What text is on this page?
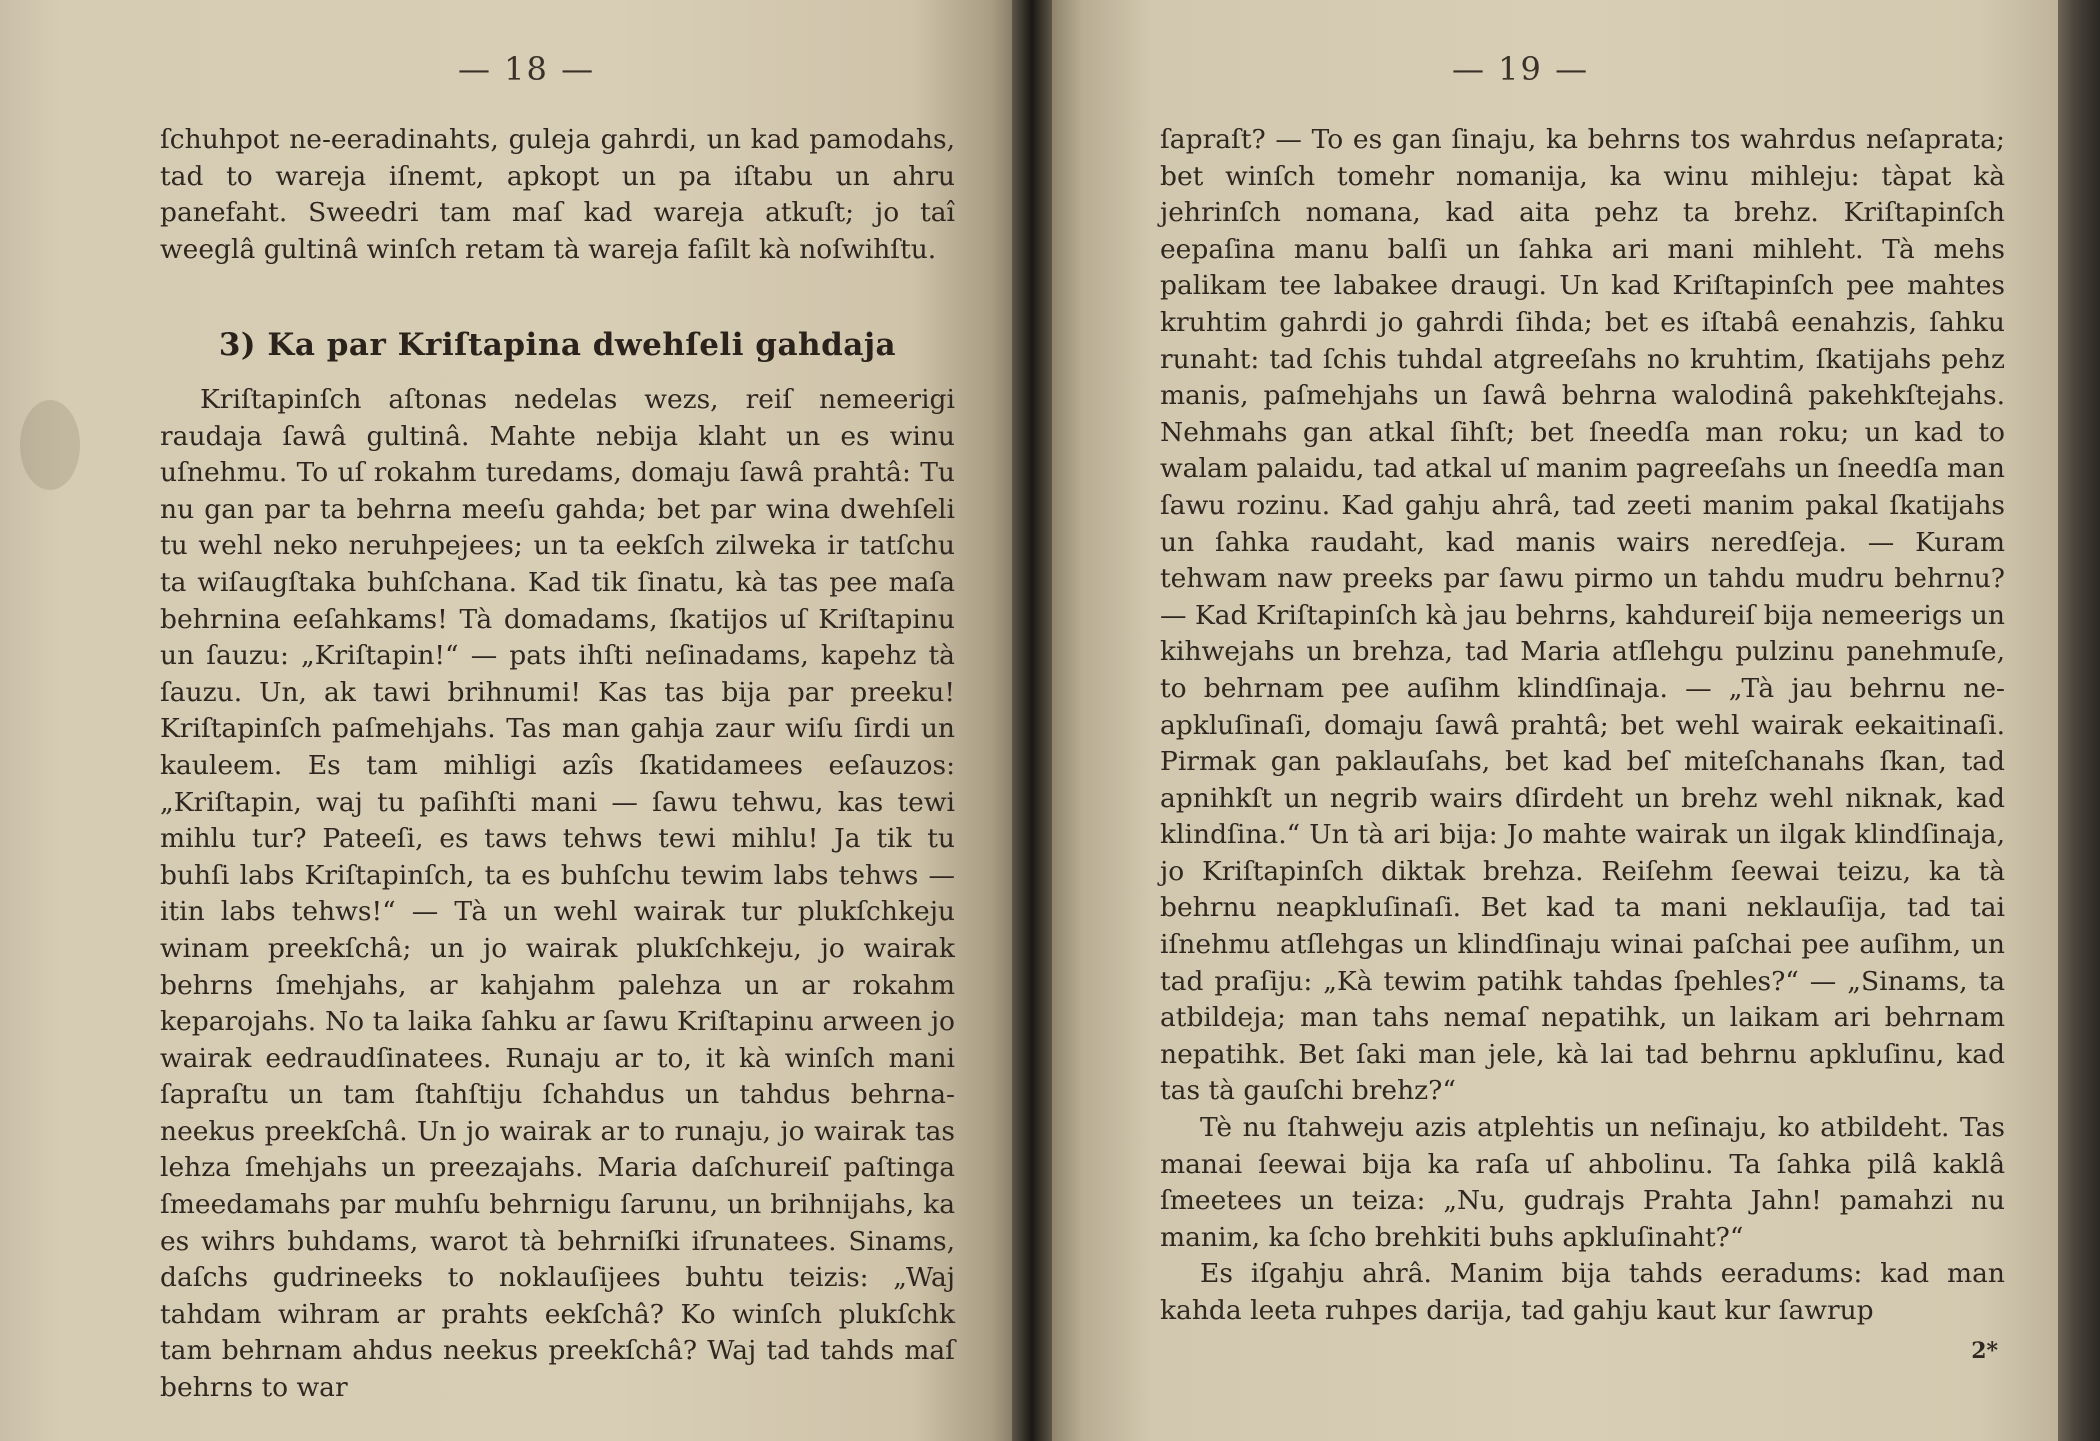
— 18 —

ſchuhpot ne-eeradinahts, guleja gahrdi, un kad pamodahs, tad to wareja iſnemt, apkopt un pa iſtabu un ahru panefaht. Sweedri tam maſ kad wareja atkuſt; jo taî weeglâ gultinâ winſch retam tà wareja faſilt kà noſwihſtu.

3) Ka par Kriſtapina dwehſeli gahdaja

Kriſtapinſch aſtonas nedelas wezs, reiſ nemeerigi raudaja ſawâ gultinâ. Mahte nebija klaht un es winu uſnehmu. To uſ rokahm turedams, domaju ſawâ prahtâ: Tu nu gan par ta behrna meeſu gahda; bet par wina dwehſeli tu wehl neko neruhpejees; un ta eekſch zilweka ir tatſchu ta wiſaugſtaka buhſchana. Kad tik ſinatu, kà tas pee maſa behrnina eeſahkams! Tà domadams, ſkatijos uſ Kriſtapinu un ſauzu: „Kriſtapin!“ — pats ihſti neſinadams, kapehz tà ſauzu. Un, ak tawi brihnumi! Kas tas bija par preeku! Kriſtapinſch paſmehjahs. Tas man gahja zaur wiſu ſirdi un kauleem. Es tam mihligi azîs ſkatidamees eeſauzos: „Kriſtapin, waj tu paſihſti mani — ſawu tehwu, kas tewi mihlu tur? Pateeſi, es taws tehws tewi mihlu! Ja tik tu buhſi labs Kriſtapinſch, ta es buhſchu tewim labs tehws — itin labs tehws!“ — Tà un wehl wairak tur plukſchkeju winam preekſchâ; un jo wairak plukſchkeju, jo wairak behrns ſmehjahs, ar kahjahm palehza un ar rokahm keparojahs. No ta laika ſahku ar ſawu Kriſtapinu arween jo wairak eedraudſinatees. Runaju ar to, it kà winſch mani ſapraſtu un tam ſtahſtiju ſchahdus un tahdus behrna-neekus preekſchâ. Un jo wairak ar to runaju, jo wairak tas lehza ſmehjahs un preezajahs. Maria daſchureiſ paſtinga ſmeedamahs par muhſu behrnigu ſarunu, un brihnijahs, ka es wihrs buhdams, warot tà behrniſki iſrunatees. Sinams, daſchs gudrineeks to noklauſijees buhtu teizis: „Waj tahdam wihram ar prahts eekſchâ? Ko winſch plukſchk tam behrnam ahdus neekus preekſchâ? Waj tad tahds maſ behrns to war

— 19 —

ſapraſt? — To es gan ſinaju, ka behrns tos wahrdus neſaprata; bet winſch tomehr nomanija, ka winu mihleju: tàpat kà jehrinſch nomana, kad aita pehz ta brehz. Kriſtapinſch eepaſina manu balſi un ſahka ari mani mihleht. Tà mehs palikam tee labakee draugi. Un kad Kriſtapinſch pee mahtes kruhtim gahrdi jo gahrdi ſihda; bet es iſtabâ eenahzis, ſahku runaht: tad ſchis tuhdal atgreeſahs no kruhtim, ſkatijahs pehz manis, paſmehjahs un ſawâ behrna walodinâ pakehkſtejahs. Nehmahs gan atkal ſihſt; bet ſneedſa man roku; un kad to walam palaidu, tad atkal uſ manim pagreeſahs un ſneedſa man ſawu rozinu. Kad gahju ahrâ, tad zeeti manim pakal ſkatijahs un ſahka raudaht, kad manis wairs neredſeja. — Kuram tehwam naw preeks par ſawu pirmo un tahdu mudru behrnu? — Kad Kriſtapinſch kà jau behrns, kahdureiſ bija nemeerigs un kihwejahs un brehza, tad Maria atſlehgu pulzinu panehmuſe, to behrnam pee auſihm klindſinaja. — „Tà jau behrnu ne-apkluſinaſi, domaju ſawâ prahtâ; bet wehl wairak eekaitinaſi. Pirmak gan paklauſahs, bet kad beſ miteſchanahs ſkan, tad apnihkſt un negrib wairs dſirdeht un brehz wehl niknak, kad klindſina.“ Un tà ari bija: Jo mahte wairak un ilgak klindſinaja, jo Kriſtapinſch diktak brehza. Reiſehm ſeewai teizu, ka tà behrnu neapkluſinaſi. Bet kad ta mani neklauſija, tad tai iſnehmu atſlehgas un klindſinaju winai paſchai pee auſihm, un tad praſiju: „Kà tewim patihk tahdas ſpehles?“ — „Sinams, ta atbildeja; man tahs nemaſ nepatihk, un laikam ari behrnam nepatihk. Bet ſaki man jele, kà lai tad behrnu apkluſinu, kad tas tà gauſchi brehz?“

Tè nu ſtahweju azis atplehtis un neſinaju, ko atbildeht. Tas manai ſeewai bija ka raſa uſ ahbolinu. Ta ſahka pilâ kaklâ ſmeetees un teiza: „Nu, gudrajs Prahta Jahn! pamahzi nu manim, ka ſcho brehkiti buhs apkluſinaht?“

Es iſgahju ahrâ. Manim bija tahds eeradums: kad man kahda leeta ruhpes darija, tad gahju kaut kur ſawrup

2*
